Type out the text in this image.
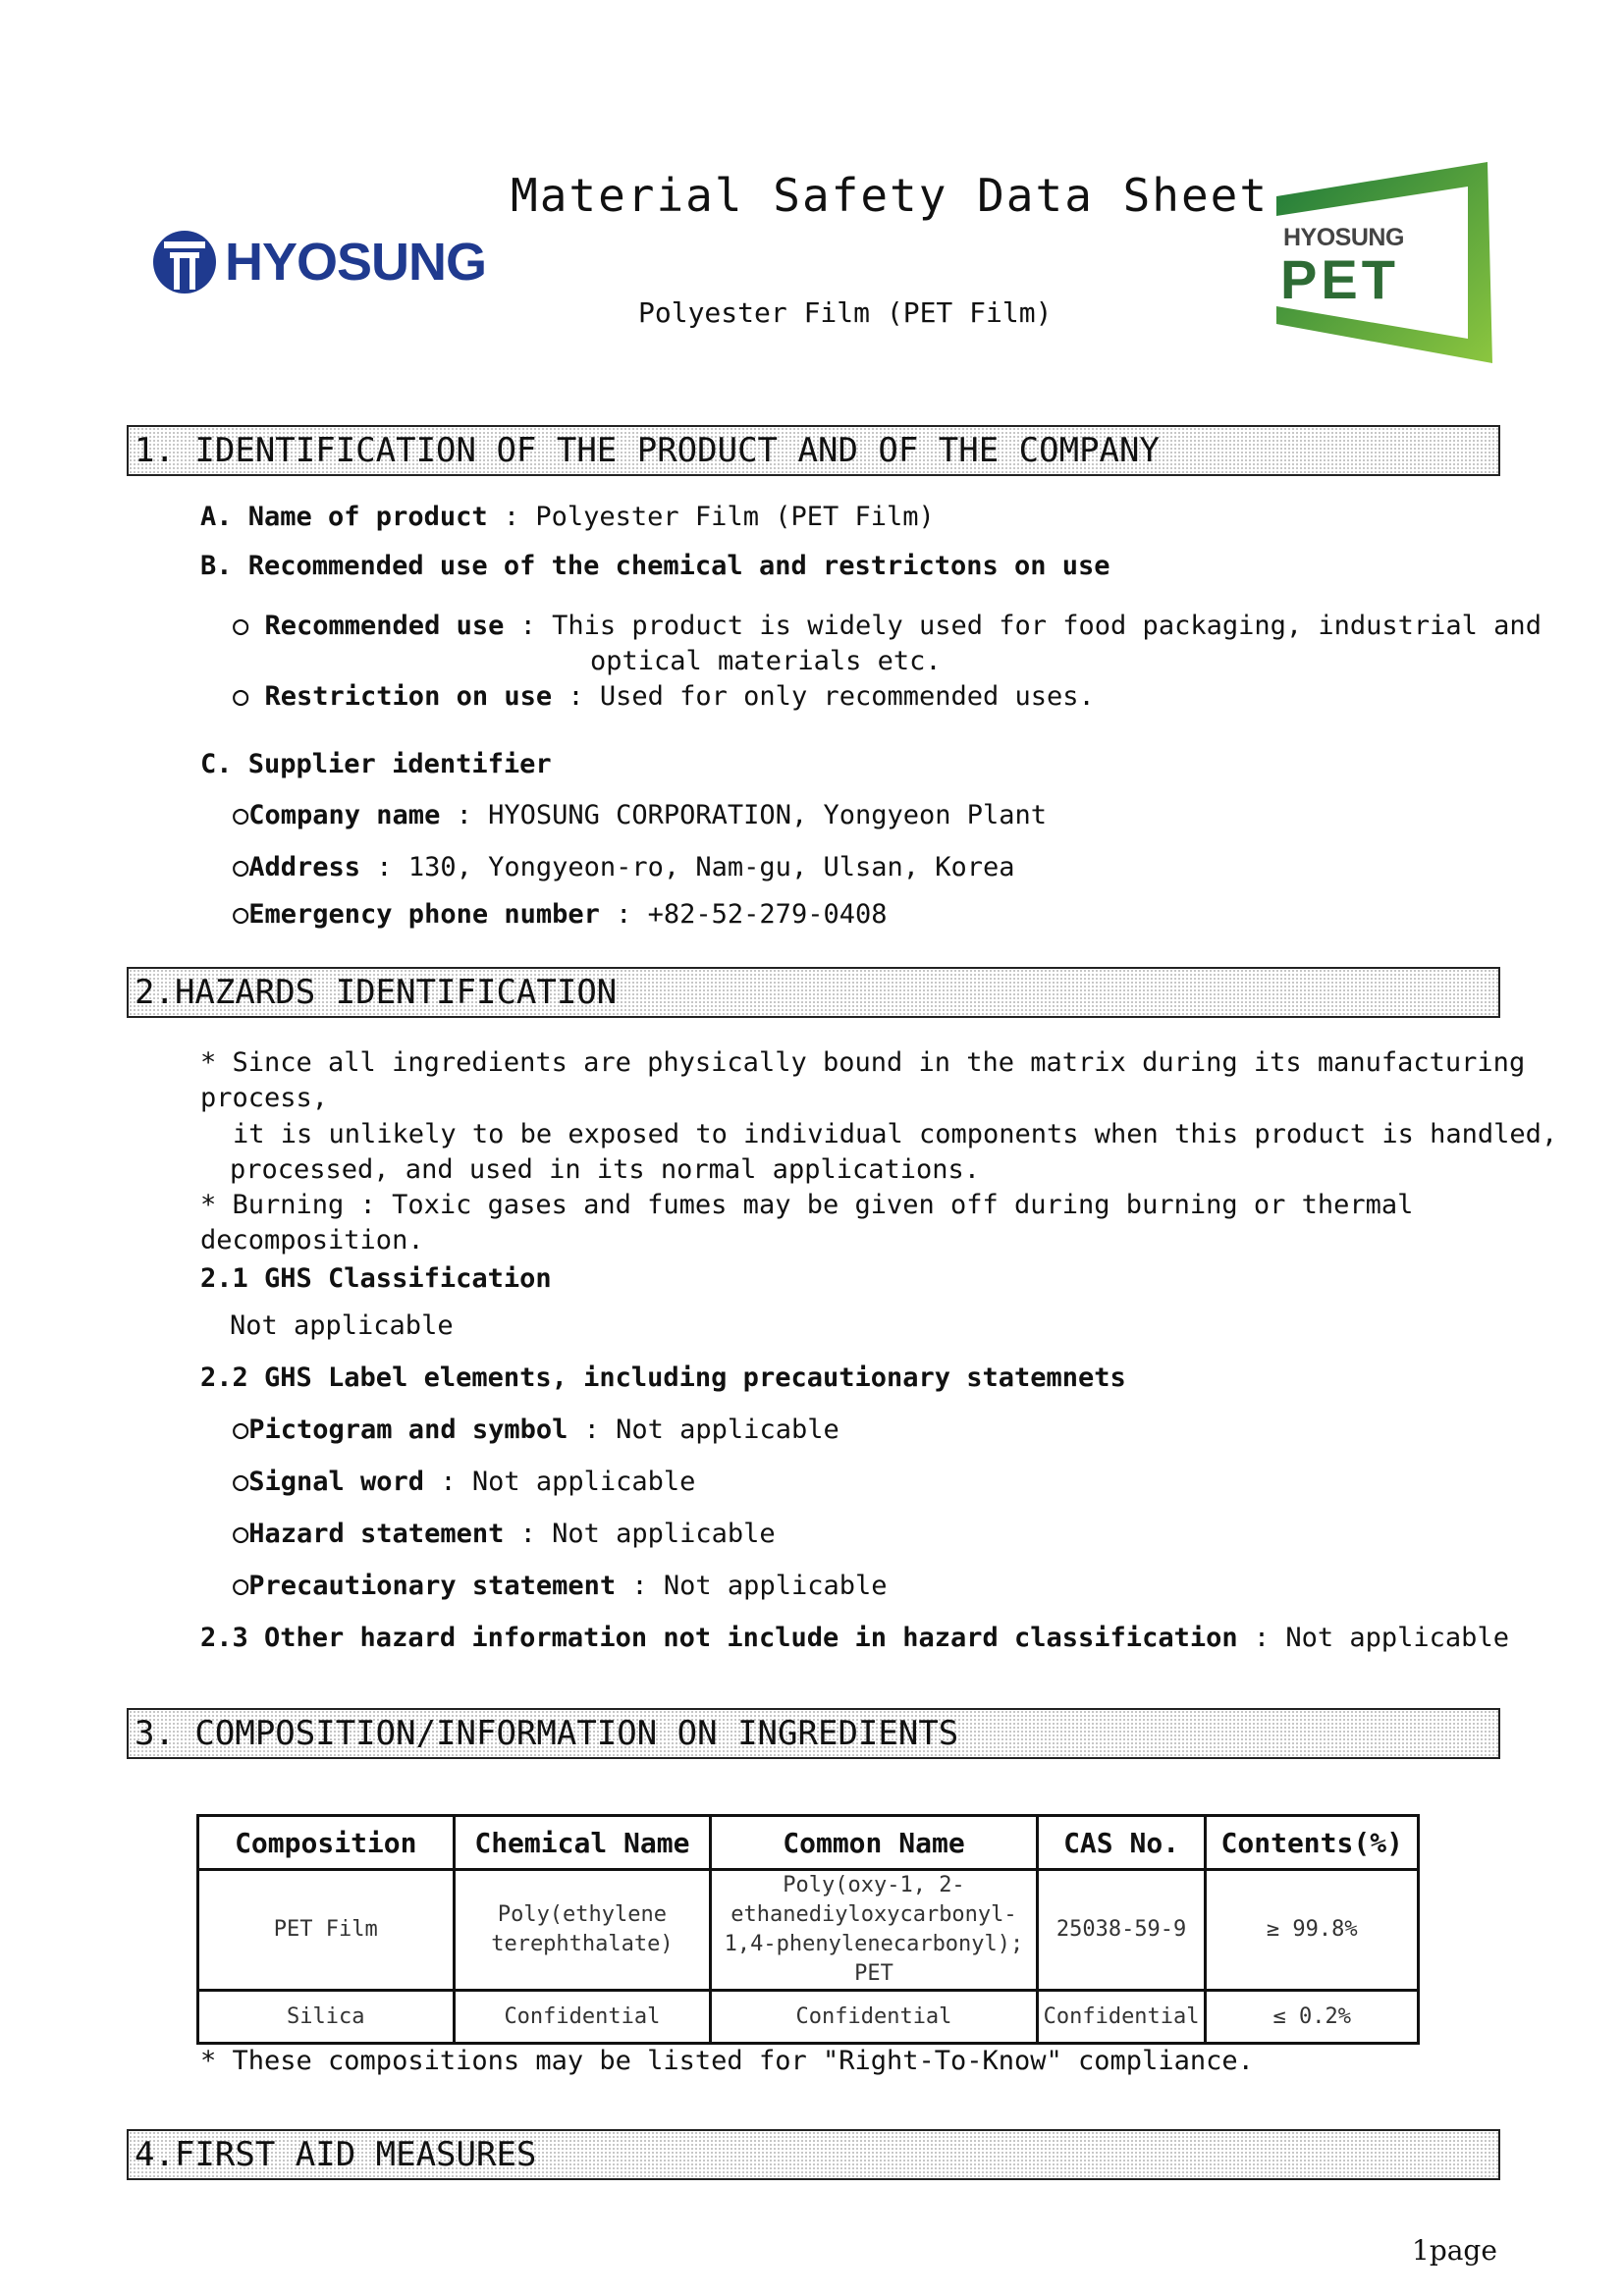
HYOSUNG
Material Safety Data Sheet
Polyester Film (PET Film)
HYOSUNG
PET
1. IDENTIFICATION OF THE PRODUCT AND OF THE COMPANY
A. Name of product : Polyester Film (PET Film)
B. Recommended use of the chemical and restrictons on use
○ Recommended use : This product is widely used for food packaging, industrial and
optical materials etc.
○ Restriction on use : Used for only recommended uses.
C. Supplier identifier
○Company name : HYOSUNG CORPORATION, Yongyeon Plant
○Address : 130, Yongyeon-ro, Nam-gu, Ulsan, Korea
○Emergency phone number : +82-52-279-0408
2.HAZARDS IDENTIFICATION
* Since all ingredients are physically bound in the matrix during its manufacturing
process,
it is unlikely to be exposed to individual components when this product is handled,
processed, and used in its normal applications.
* Burning : Toxic gases and fumes may be given off during burning or thermal
decomposition.
2.1 GHS Classification
Not applicable
2.2 GHS Label elements, including precautionary statemnets
○Pictogram and symbol : Not applicable
○Signal word : Not applicable
○Hazard statement : Not applicable
○Precautionary statement : Not applicable
2.3 Other hazard information not include in hazard classification : Not applicable
3. COMPOSITION/INFORMATION ON INGREDIENTS
Composition	Chemical Name	Common Name	CAS No.	Contents(%)
PET Film	Poly(ethylene terephthalate)	Poly(oxy-1, 2-ethanediyloxycarbonyl-1,4-phenylenecarbonyl); PET	25038-59-9	≥ 99.8%
Silica	Confidential	Confidential	Confidential	≤ 0.2%
* These compositions may be listed for "Right-To-Know" compliance.
4.FIRST AID MEASURES
1page
